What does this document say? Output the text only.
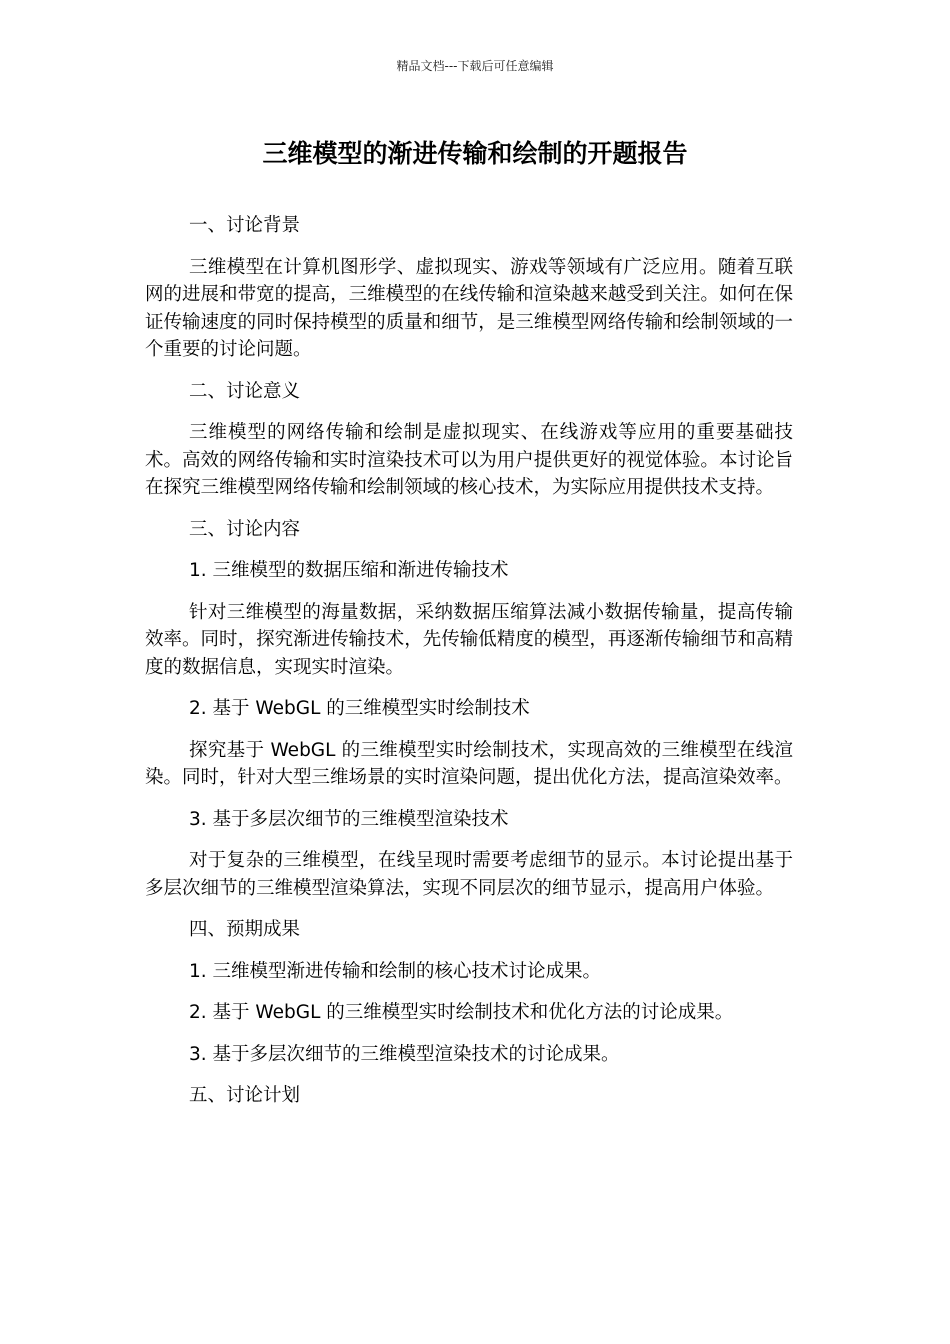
精品文档---下载后可任意编辑
三维模型的渐进传输和绘制的开题报告

一、讨论背景

三维模型在计算机图形学、虚拟现实、游戏等领域有广泛应用。随着互联网的进展和带宽的提高，三维模型的在线传输和渲染越来越受到关注。如何在保证传输速度的同时保持模型的质量和细节，是三维模型网络传输和绘制领域的一个重要的讨论问题。

二、讨论意义

三维模型的网络传输和绘制是虚拟现实、在线游戏等应用的重要基础技术。高效的网络传输和实时渲染技术可以为用户提供更好的视觉体验。本讨论旨在探究三维模型网络传输和绘制领域的核心技术，为实际应用提供技术支持。

三、讨论内容

1. 三维模型的数据压缩和渐进传输技术

针对三维模型的海量数据，采纳数据压缩算法减小数据传输量，提高传输效率。同时，探究渐进传输技术，先传输低精度的模型，再逐渐传输细节和高精度的数据信息，实现实时渲染。

2. 基于 WebGL 的三维模型实时绘制技术

探究基于 WebGL 的三维模型实时绘制技术，实现高效的三维模型在线渲染。同时，针对大型三维场景的实时渲染问题，提出优化方法，提高渲染效率。

3. 基于多层次细节的三维模型渲染技术

对于复杂的三维模型，在线呈现时需要考虑细节的显示。本讨论提出基于多层次细节的三维模型渲染算法，实现不同层次的细节显示，提高用户体验。

四、预期成果

1. 三维模型渐进传输和绘制的核心技术讨论成果。

2. 基于 WebGL 的三维模型实时绘制技术和优化方法的讨论成果。

3. 基于多层次细节的三维模型渲染技术的讨论成果。

五、讨论计划
